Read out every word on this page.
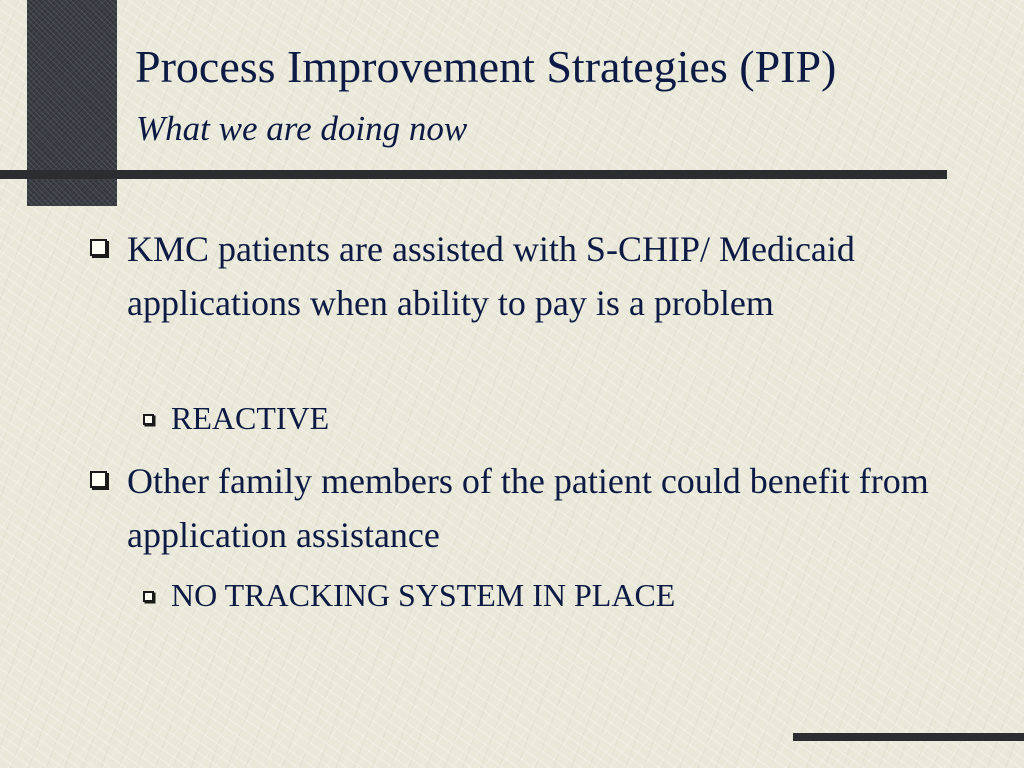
Process Improvement Strategies (PIP)

What we are doing now

KMC patients are assisted with S-CHIP/ Medicaid applications when ability to pay is a problem
REACTIVE
Other family members of the patient could benefit from application assistance
NO TRACKING SYSTEM IN PLACE
